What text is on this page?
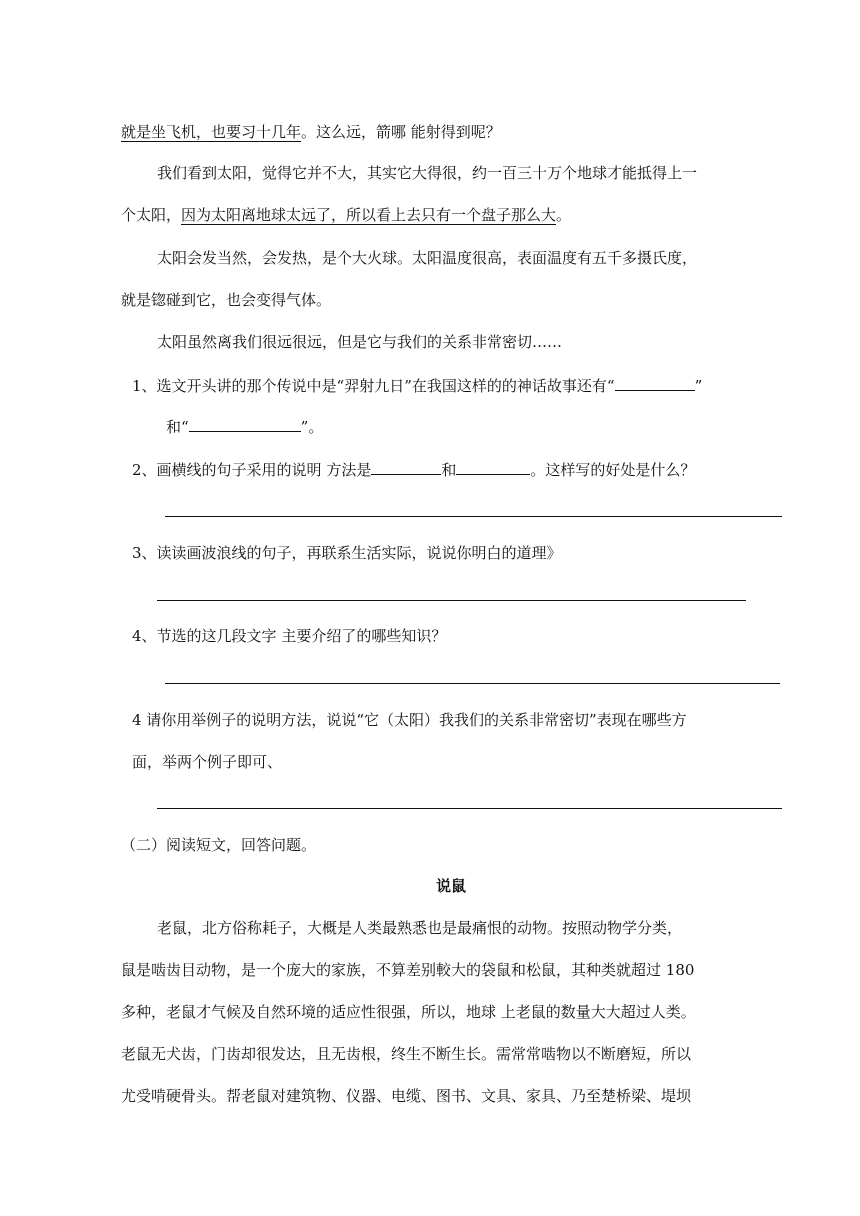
就是坐飞机，也要习十几年。这么远，箭哪 能射得到呢？
我们看到太阳，觉得它并不大，其实它大得很，约一百三十万个地球才能抵得上一
个太阳，因为太阳离地球太远了，所以看上去只有一个盘子那么大。
太阳会发当然，会发热，是个大火球。太阳温度很高，表面温度有五千多摄氏度，
就是锪碰到它，也会变得气体。
太阳虽然离我们很远很远，但是它与我们的关系非常密切……
1、选文开头讲的那个传说中是“羿射九日”在我国这样的的神话故事还有“	”
和“	”。
2、画横线的句子采用的说明 方法是	和	。这样写的好处是什么？
3、读读画波浪线的句子，再联系生活实际，说说你明白的道理》
4、节选的这几段文字 主要介绍了的哪些知识？
4 请你用举例子的说明方法，说说“它（太阳）我我们的关系非常密切”表现在哪些方
面，举两个例子即可、
（二）阅读短文，回答问题。
说鼠
老鼠，北方俗称耗子，大概是人类最熟悉也是最痛恨的动物。按照动物学分类，
鼠是啮齿目动物，是一个庞大的家族，不算差别較大的袋鼠和松鼠，其种类就超过 180
多种，老鼠才气候及自然环境的适应性很强，所以，地球 上老鼠的数量大大超过人类。
老鼠无犬齿，门齿却很发达，且无齿根，终生不断生长。需常常啮物以不断磨短，所以
尤受啃硬骨头。帮老鼠对建筑物、仪器、电缆、图书、文具、家具、乃至楚桥梁、堤坝
